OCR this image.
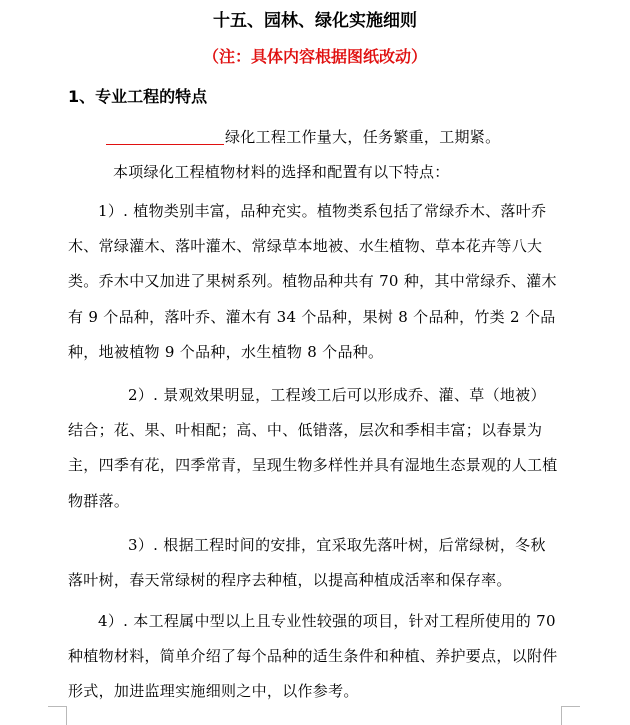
十五、园林、绿化实施细则
（注：具体内容根据图纸改动）
1、专业工程的特点

绿化工程工作量大，任务繁重，工期紧。

本项绿化工程植物材料的选择和配置有以下特点：

1）. 植物类别丰富，品种充实。植物类系包括了常绿乔木、落叶乔木、常绿灌木、落叶灌木、常绿草本地被、水生植物、草本花卉等八大类。乔木中又加进了果树系列。植物品种共有 70 种，其中常绿乔、灌木有 9 个品种，落叶乔、灌木有 34 个品种，果树 8 个品种，竹类 2 个品种，地被植物 9 个品种，水生植物 8 个品种。

2）. 景观效果明显，工程竣工后可以形成乔、灌、草（地被）结合；花、果、叶相配；高、中、低错落，层次和季相丰富；以春景为主，四季有花，四季常青，呈现生物多样性并具有湿地生态景观的人工植物群落。

3）. 根据工程时间的安排，宜采取先落叶树，后常绿树，冬秋落叶树，春天常绿树的程序去种植，以提高种植成活率和保存率。

4）. 本工程属中型以上且专业性较强的项目，针对工程所使用的 70 种植物材料，简单介绍了每个品种的适生条件和种植、养护要点，以附件形式，加进监理实施细则之中，以作参考。
